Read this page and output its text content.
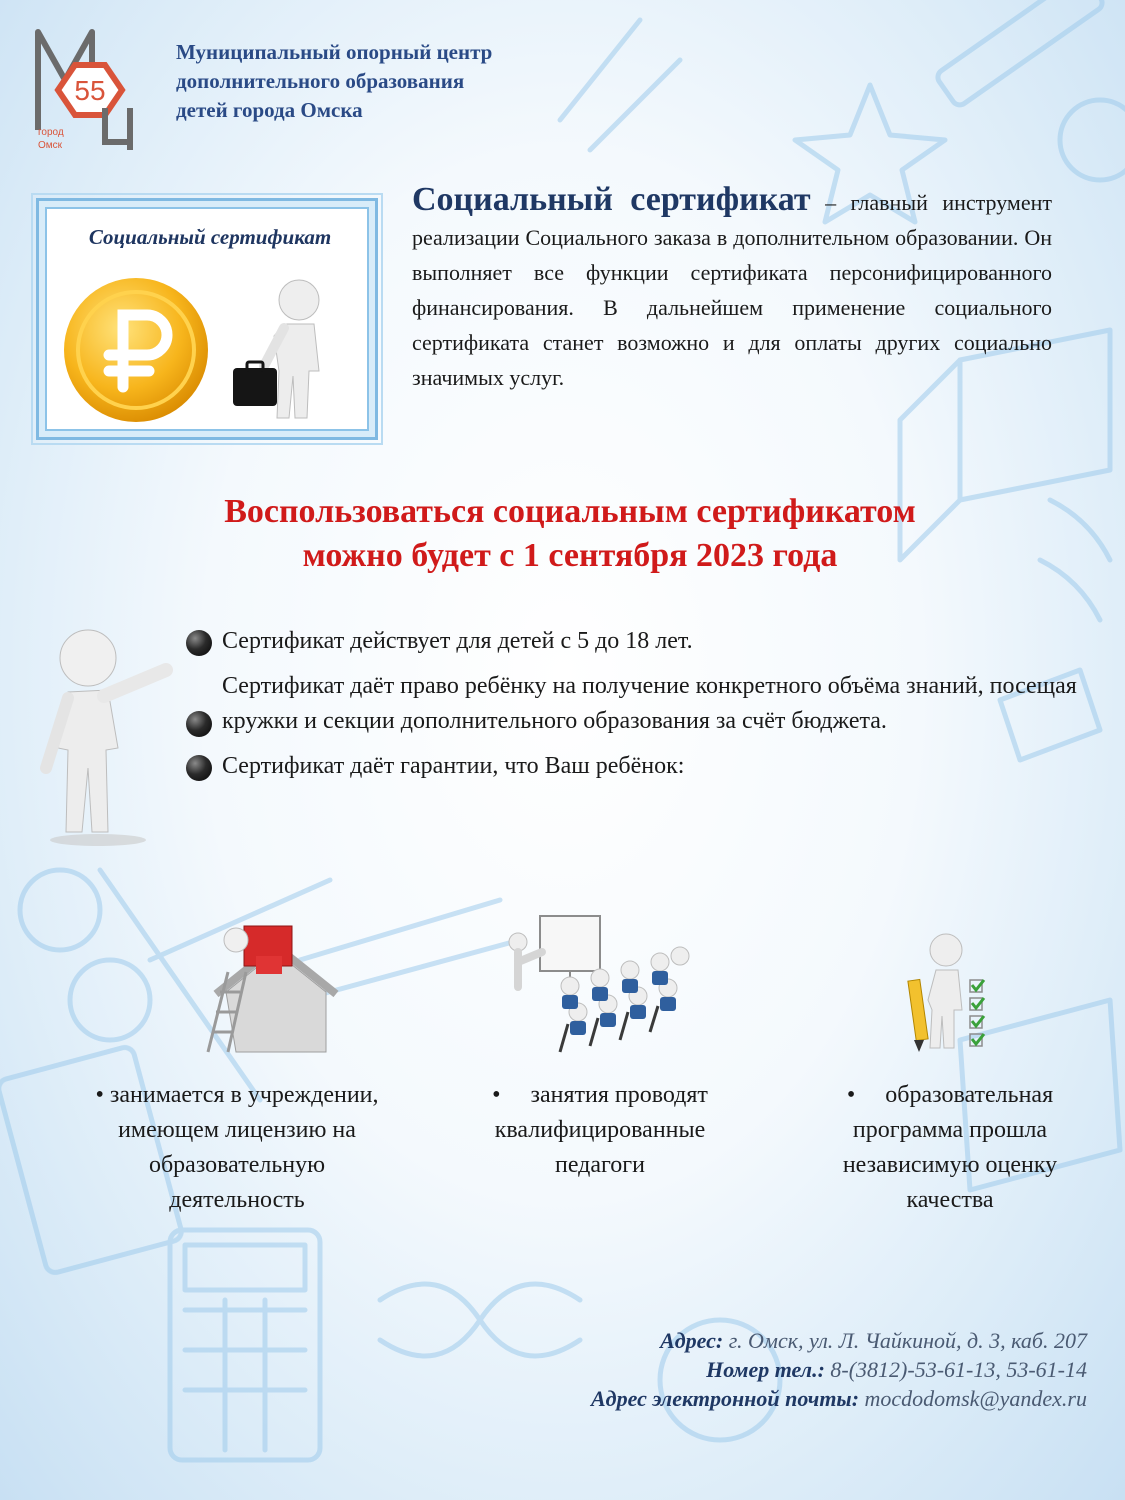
55
город
Омск
Муниципальный опорный центр
дополнительного образования
детей города Омска
Социальный сертификат
Социальный сертификат – главный инструмент реализации Социального заказа в дополнительном образовании. Он выполняет все функции сертификата персонифицированного финансирования. В дальнейшем применение социального сертификата станет возможно и для оплаты других социально значимых услуг.
Воспользоваться социальным сертификатом
можно будет с 1 сентября 2023 года
Сертификат действует для детей с 5 до 18 лет.
Сертификат даёт право ребёнку на получение конкретного объёма знаний, посещая кружки и секции дополнительного образования за счёт бюджета.
Сертификат даёт гарантии, что Ваш ребёнок:
• занимается в учреждении, имеющем лицензию на образовательную деятельность
•     занятия проводят квалифицированные педагоги
•     образовательная программа прошла независимую оценку качества
Адрес: г. Омск, ул. Л. Чайкиной, д. 3, каб. 207
Номер тел.: 8-(3812)-53-61-13, 53-61-14
Адрес электронной почты: mocdodomsk@yandex.ru
